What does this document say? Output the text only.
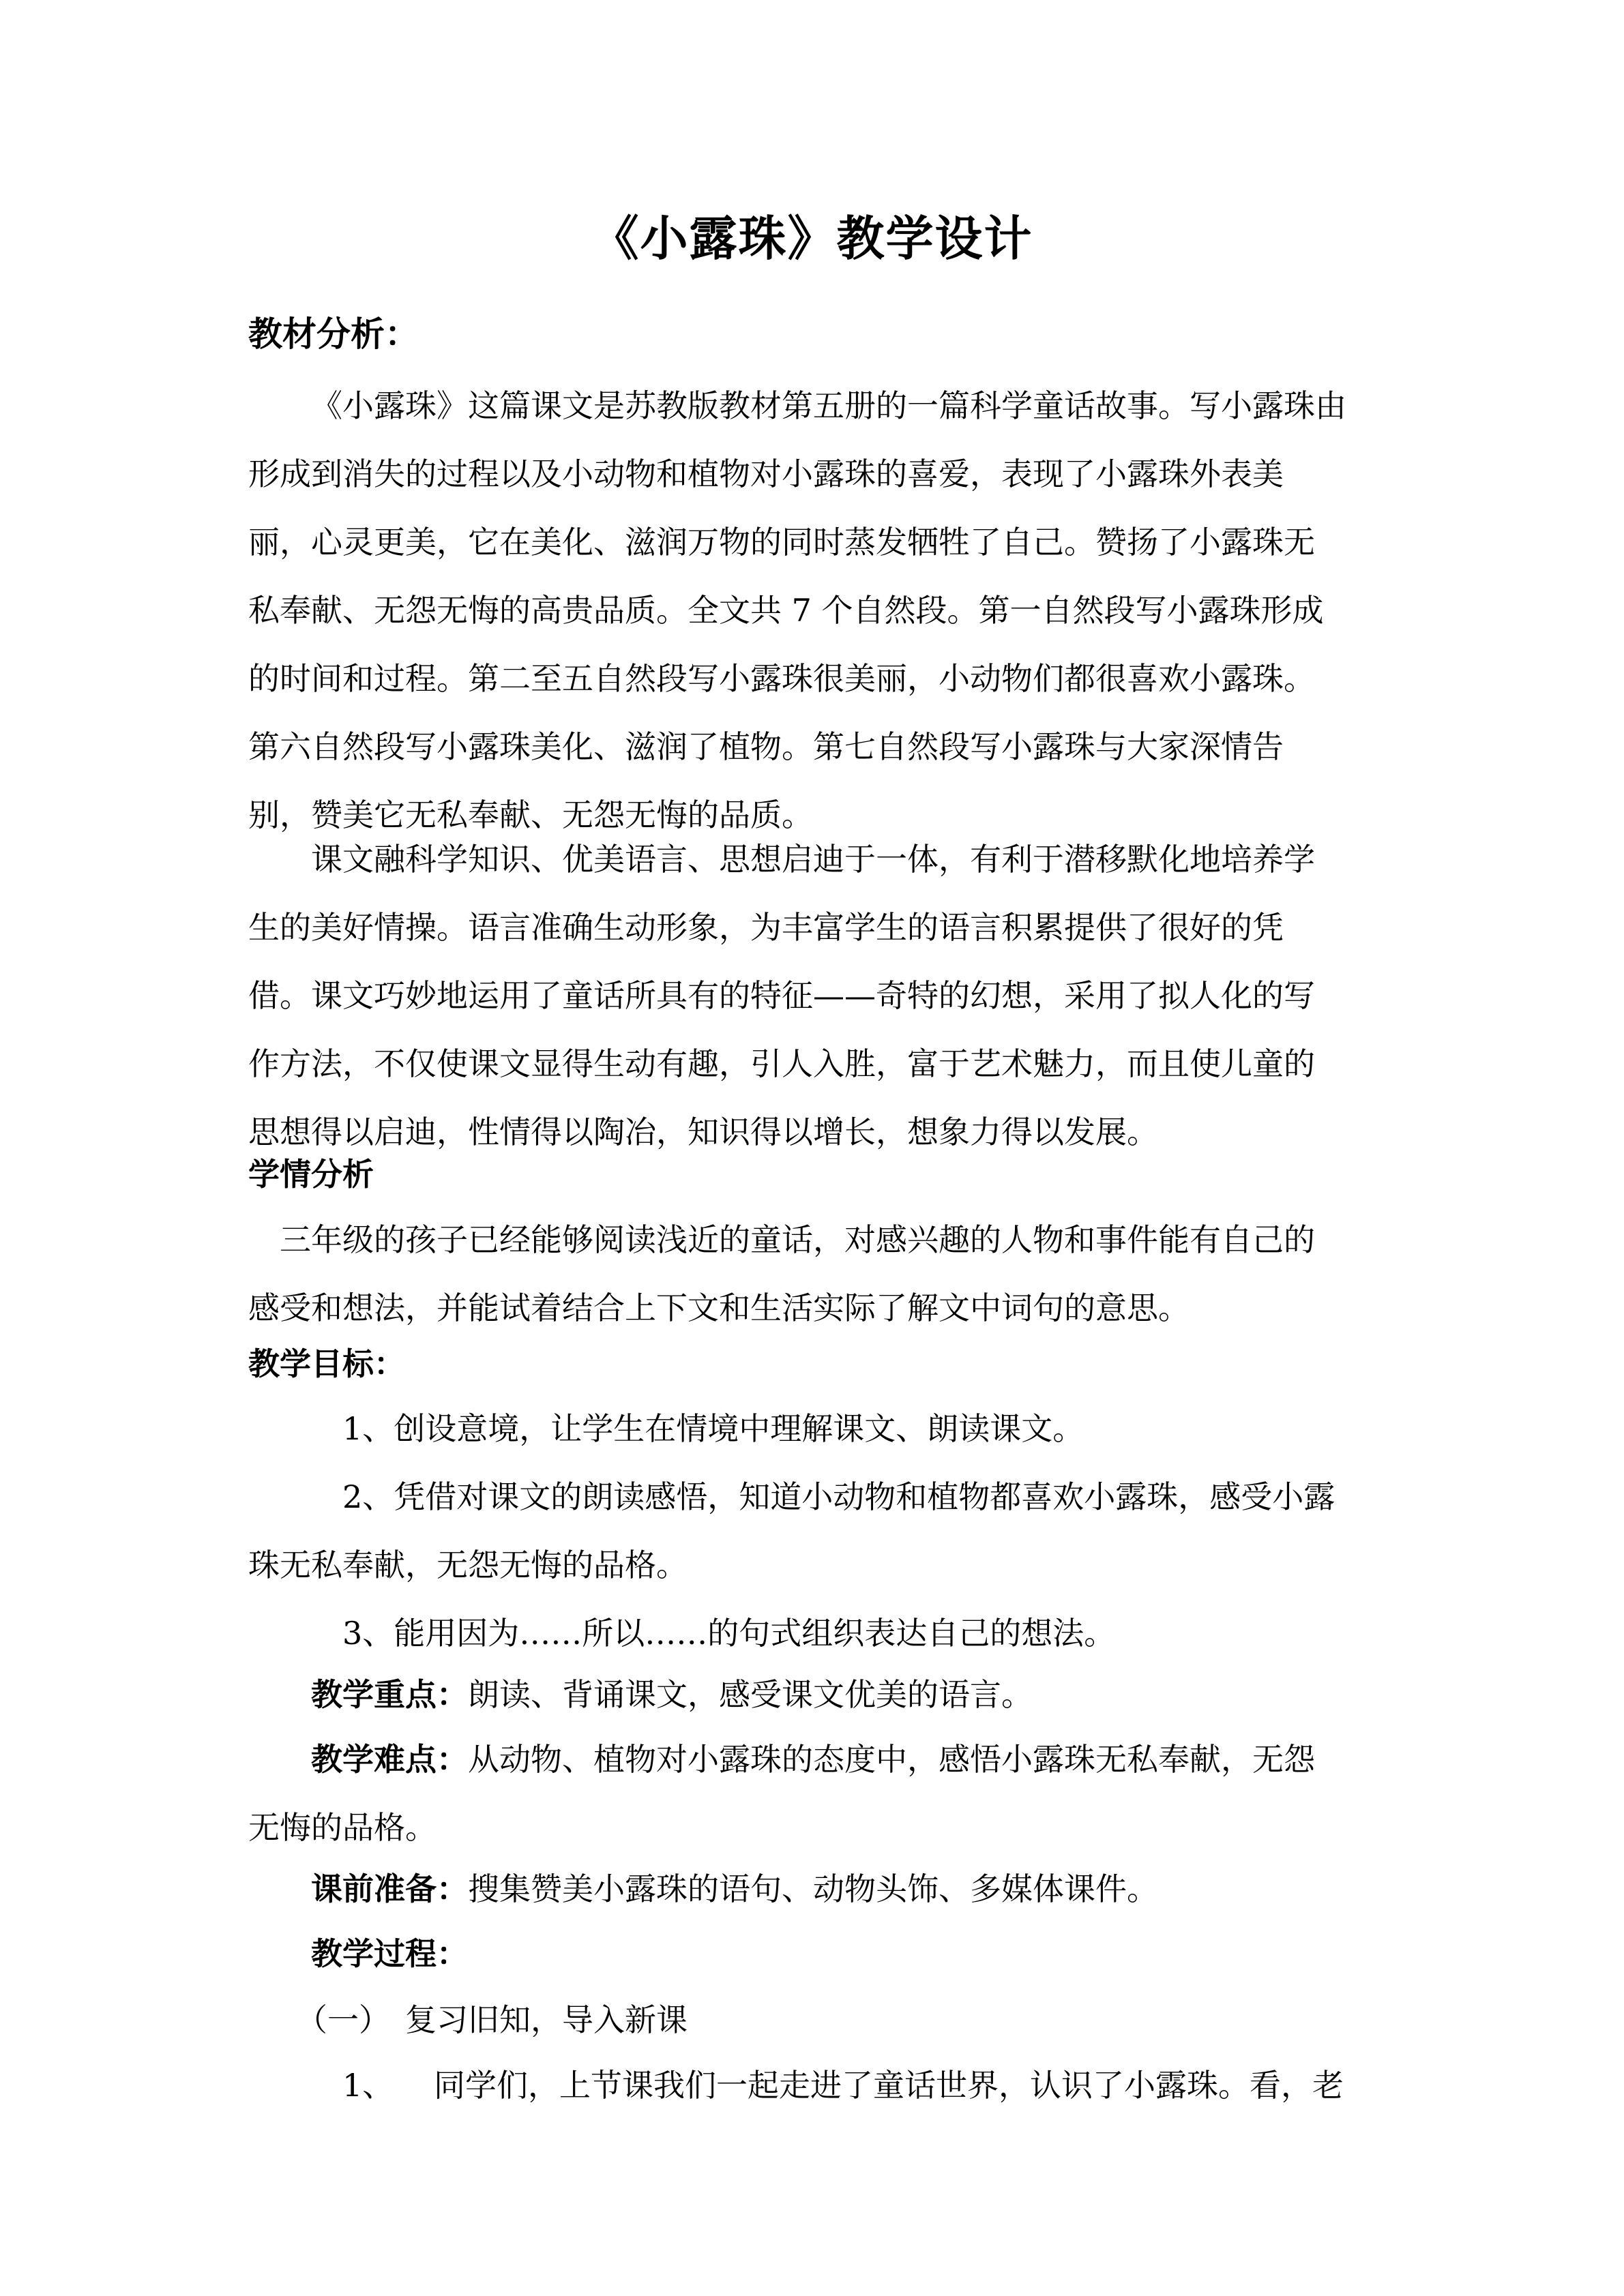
《小露珠》教学设计
教材分析：
《小露珠》这篇课文是苏教版教材第五册的一篇科学童话故事。写小露珠由
形成到消失的过程以及小动物和植物对小露珠的喜爱，表现了小露珠外表美
丽，心灵更美，它在美化、滋润万物的同时蒸发牺牲了自己。赞扬了小露珠无
私奉献、无怨无悔的高贵品质。全文共 7 个自然段。第一自然段写小露珠形成
的时间和过程。第二至五自然段写小露珠很美丽，小动物们都很喜欢小露珠。
第六自然段写小露珠美化、滋润了植物。第七自然段写小露珠与大家深情告
别，赞美它无私奉献、无怨无悔的品质。
课文融科学知识、优美语言、思想启迪于一体，有利于潜移默化地培养学
生的美好情操。语言准确生动形象，为丰富学生的语言积累提供了很好的凭
借。课文巧妙地运用了童话所具有的特征——奇特的幻想，采用了拟人化的写
作方法，不仅使课文显得生动有趣，引人入胜，富于艺术魅力，而且使儿童的
思想得以启迪，性情得以陶冶，知识得以增长，想象力得以发展。
学情分析
三年级的孩子已经能够阅读浅近的童话，对感兴趣的人物和事件能有自己的
感受和想法，并能试着结合上下文和生活实际了解文中词句的意思。
教学目标：
1、创设意境，让学生在情境中理解课文、朗读课文。
2、凭借对课文的朗读感悟，知道小动物和植物都喜欢小露珠，感受小露
珠无私奉献，无怨无悔的品格。
3、能用因为……所以……的句式组织表达自己的想法。
教学重点：朗读、背诵课文，感受课文优美的语言。
教学难点：从动物、植物对小露珠的态度中，感悟小露珠无私奉献，无怨
无悔的品格。
课前准备：搜集赞美小露珠的语句、动物头饰、多媒体课件。
教学过程：
（一） 复习旧知，导入新课
1、 同学们，上节课我们一起走进了童话世界，认识了小露珠。看，老
